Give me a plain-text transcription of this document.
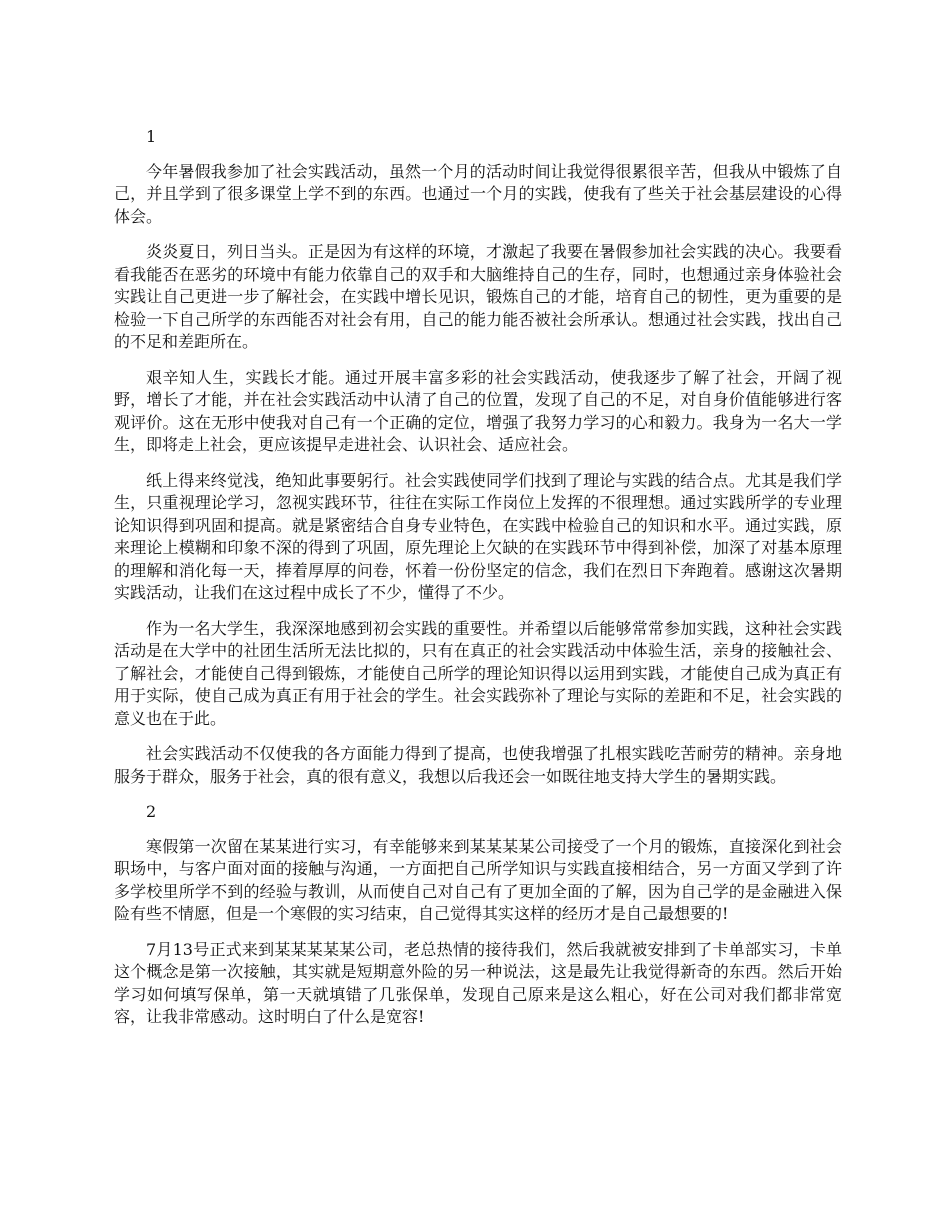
1

今年暑假我参加了社会实践活动，虽然一个月的活动时间让我觉得很累很辛苦，但我从中锻炼了自己，并且学到了很多课堂上学不到的东西。也通过一个月的实践，使我有了些关于社会基层建设的心得体会。

炎炎夏日，列日当头。正是因为有这样的环境，才激起了我要在暑假参加社会实践的决心。我要看看我能否在恶劣的环境中有能力依靠自己的双手和大脑维持自己的生存，同时，也想通过亲身体验社会实践让自己更进一步了解社会，在实践中增长见识，锻炼自己的才能，培育自己的韧性，更为重要的是检验一下自己所学的东西能否对社会有用，自己的能力能否被社会所承认。想通过社会实践，找出自己的不足和差距所在。

艰辛知人生，实践长才能。通过开展丰富多彩的社会实践活动，使我逐步了解了社会，开阔了视野，增长了才能，并在社会实践活动中认清了自己的位置，发现了自己的不足，对自身价值能够进行客观评价。这在无形中使我对自己有一个正确的定位，增强了我努力学习的心和毅力。我身为一名大一学生，即将走上社会，更应该提早走进社会、认识社会、适应社会。

纸上得来终觉浅，绝知此事要躬行。社会实践使同学们找到了理论与实践的结合点。尤其是我们学生，只重视理论学习，忽视实践环节，往往在实际工作岗位上发挥的不很理想。通过实践所学的专业理论知识得到巩固和提高。就是紧密结合自身专业特色，在实践中检验自己的知识和水平。通过实践，原来理论上模糊和印象不深的得到了巩固，原先理论上欠缺的在实践环节中得到补偿，加深了对基本原理的理解和消化每一天，捧着厚厚的问卷，怀着一份份坚定的信念，我们在烈日下奔跑着。感谢这次暑期实践活动，让我们在这过程中成长了不少，懂得了不少。

作为一名大学生，我深深地感到初会实践的重要性。并希望以后能够常常参加实践，这种社会实践活动是在大学中的社团生活所无法比拟的，只有在真正的社会实践活动中体验生活，亲身的接触社会、了解社会，才能使自己得到锻炼，才能使自己所学的理论知识得以运用到实践，才能使自己成为真正有用于实际，使自己成为真正有用于社会的学生。社会实践弥补了理论与实际的差距和不足，社会实践的意义也在于此。

社会实践活动不仅使我的各方面能力得到了提高，也使我增强了扎根实践吃苦耐劳的精神。亲身地服务于群众，服务于社会，真的很有意义，我想以后我还会一如既往地支持大学生的暑期实践。

2

寒假第一次留在某某进行实习，有幸能够来到某某某某公司接受了一个月的锻炼，直接深化到社会职场中，与客户面对面的接触与沟通，一方面把自己所学知识与实践直接相结合，另一方面又学到了许多学校里所学不到的经验与教训，从而使自己对自己有了更加全面的了解，因为自己学的是金融进入保险有些不情愿，但是一个寒假的实习结束，自己觉得其实这样的经历才是自己最想要的!

7月13号正式来到某某某某某公司，老总热情的接待我们，然后我就被安排到了卡单部实习，卡单这个概念是第一次接触，其实就是短期意外险的另一种说法，这是最先让我觉得新奇的东西。然后开始学习如何填写保单，第一天就填错了几张保单，发现自己原来是这么粗心，好在公司对我们都非常宽容，让我非常感动。这时明白了什么是宽容!
